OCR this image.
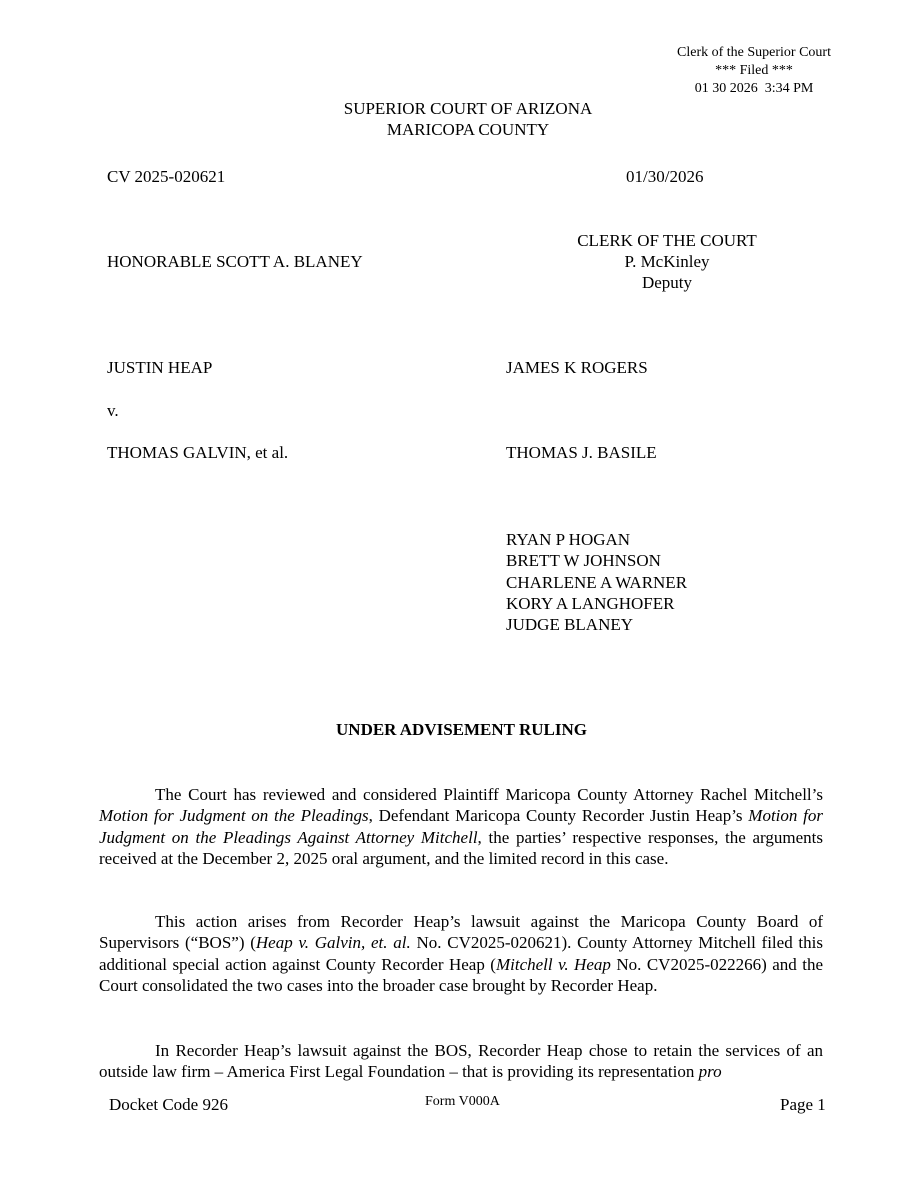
Clerk of the Superior Court
*** Filed ***
01 30 2026  3:34 PM
SUPERIOR COURT OF ARIZONA
MARICOPA COUNTY
CV 2025-020621	01/30/2026
HONORABLE SCOTT A. BLANEY
CLERK OF THE COURT
P. McKinley
Deputy
JUSTIN HEAP
v.
THOMAS GALVIN, et al.
JAMES K ROGERS
THOMAS J. BASILE
RYAN P HOGAN
BRETT W JOHNSON
CHARLENE A WARNER
KORY A LANGHOFER
JUDGE BLANEY
UNDER ADVISEMENT RULING

The Court has reviewed and considered Plaintiff Maricopa County Attorney Rachel Mitchell’s Motion for Judgment on the Pleadings, Defendant Maricopa County Recorder Justin Heap’s Motion for Judgment on the Pleadings Against Attorney Mitchell, the parties’ respective responses, the arguments received at the December 2, 2025 oral argument, and the limited record in this case.

This action arises from Recorder Heap’s lawsuit against the Maricopa County Board of Supervisors (“BOS”) (Heap v. Galvin, et. al. No. CV2025-020621). County Attorney Mitchell filed this additional special action against County Recorder Heap (Mitchell v. Heap No. CV2025-022266) and the Court consolidated the two cases into the broader case brought by Recorder Heap.

In Recorder Heap’s lawsuit against the BOS, Recorder Heap chose to retain the services of an outside law firm – America First Legal Foundation – that is providing its representation pro

Docket Code 926	Form V000A	Page 1
